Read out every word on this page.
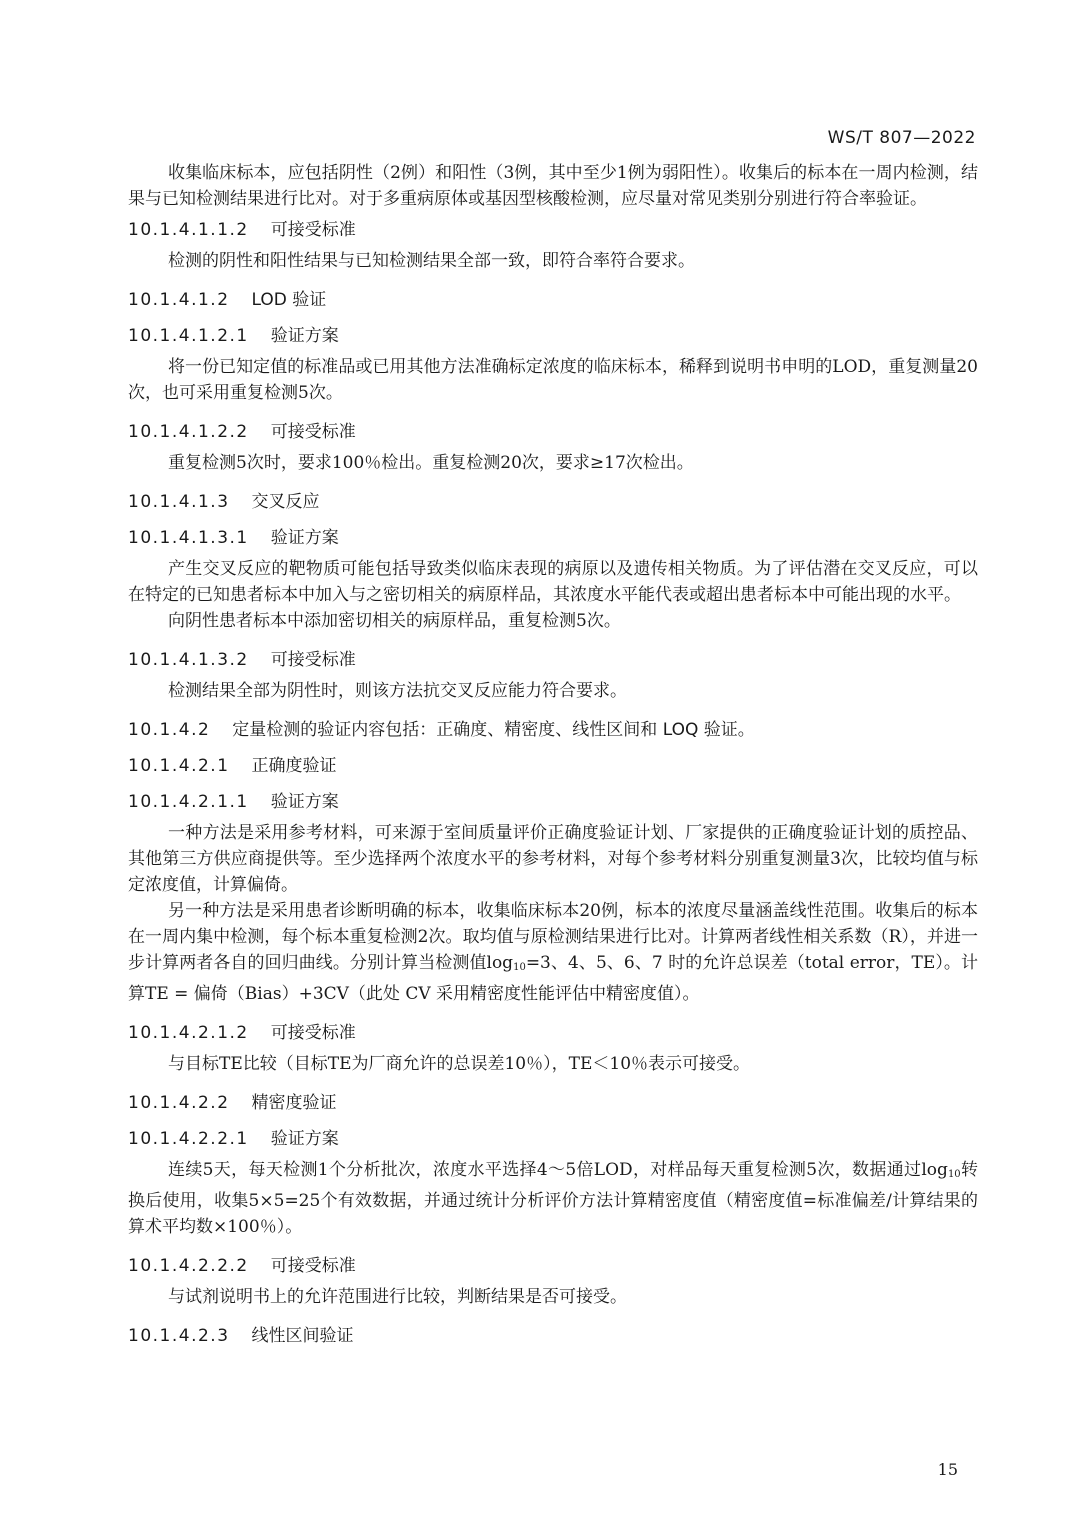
WS/T 807—2022

收集临床标本，应包括阴性（2例）和阳性（3例，其中至少1例为弱阳性）。收集后的标本在一周内检测，结果与已知检测结果进行比对。对于多重病原体或基因型核酸检测，应尽量对常见类别分别进行符合率验证。

10.1.4.1.1.2 可接受标准

检测的阴性和阳性结果与已知检测结果全部一致，即符合率符合要求。

10.1.4.1.2 LOD 验证
10.1.4.1.2.1 验证方案

将一份已知定值的标准品或已用其他方法准确标定浓度的临床标本，稀释到说明书申明的LOD，重复测量20次，也可采用重复检测5次。

10.1.4.1.2.2 可接受标准

重复检测5次时，要求100％检出。重复检测20次，要求≥17次检出。

10.1.4.1.3 交叉反应
10.1.4.1.3.1 验证方案

产生交叉反应的靶物质可能包括导致类似临床表现的病原以及遗传相关物质。为了评估潜在交叉反应，可以在特定的已知患者标本中加入与之密切相关的病原样品，其浓度水平能代表或超出患者标本中可能出现的水平。

向阴性患者标本中添加密切相关的病原样品，重复检测5次。

10.1.4.1.3.2 可接受标准

检测结果全部为阴性时，则该方法抗交叉反应能力符合要求。

10.1.4.2 定量检测的验证内容包括：正确度、精密度、线性区间和 LOQ 验证。
10.1.4.2.1 正确度验证
10.1.4.2.1.1 验证方案

一种方法是采用参考材料，可来源于室间质量评价正确度验证计划、厂家提供的正确度验证计划的质控品、其他第三方供应商提供等。至少选择两个浓度水平的参考材料，对每个参考材料分别重复测量3次，比较均值与标定浓度值，计算偏倚。

另一种方法是采用患者诊断明确的标本，收集临床标本20例，标本的浓度尽量涵盖线性范围。收集后的标本在一周内集中检测，每个标本重复检测2次。取均值与原检测结果进行比对。计算两者线性相关系数（R），并进一步计算两者各自的回归曲线。分别计算当检测值$\log_{10}=3$、4、5、6、7 时的允许总误差（total error，TE）。计算TE = 偏倚（Bias）+3CV（此处 CV 采用精密度性能评估中精密度值）。

10.1.4.2.1.2 可接受标准

与目标TE比较（目标TE为厂商允许的总误差10％），TE＜10％表示可接受。

10.1.4.2.2 精密度验证
10.1.4.2.2.1 验证方案

连续5天，每天检测1个分析批次，浓度水平选择4～5倍LOD，对样品每天重复检测5次，数据通过$\log_{10}$转换后使用，收集5×5=25个有效数据，并通过统计分析评价方法计算精密度值（精密度值=标准偏差/计算结果的算术平均数×100％）。

10.1.4.2.2.2 可接受标准

与试剂说明书上的允许范围进行比较，判断结果是否可接受。

10.1.4.2.3 线性区间验证
15
